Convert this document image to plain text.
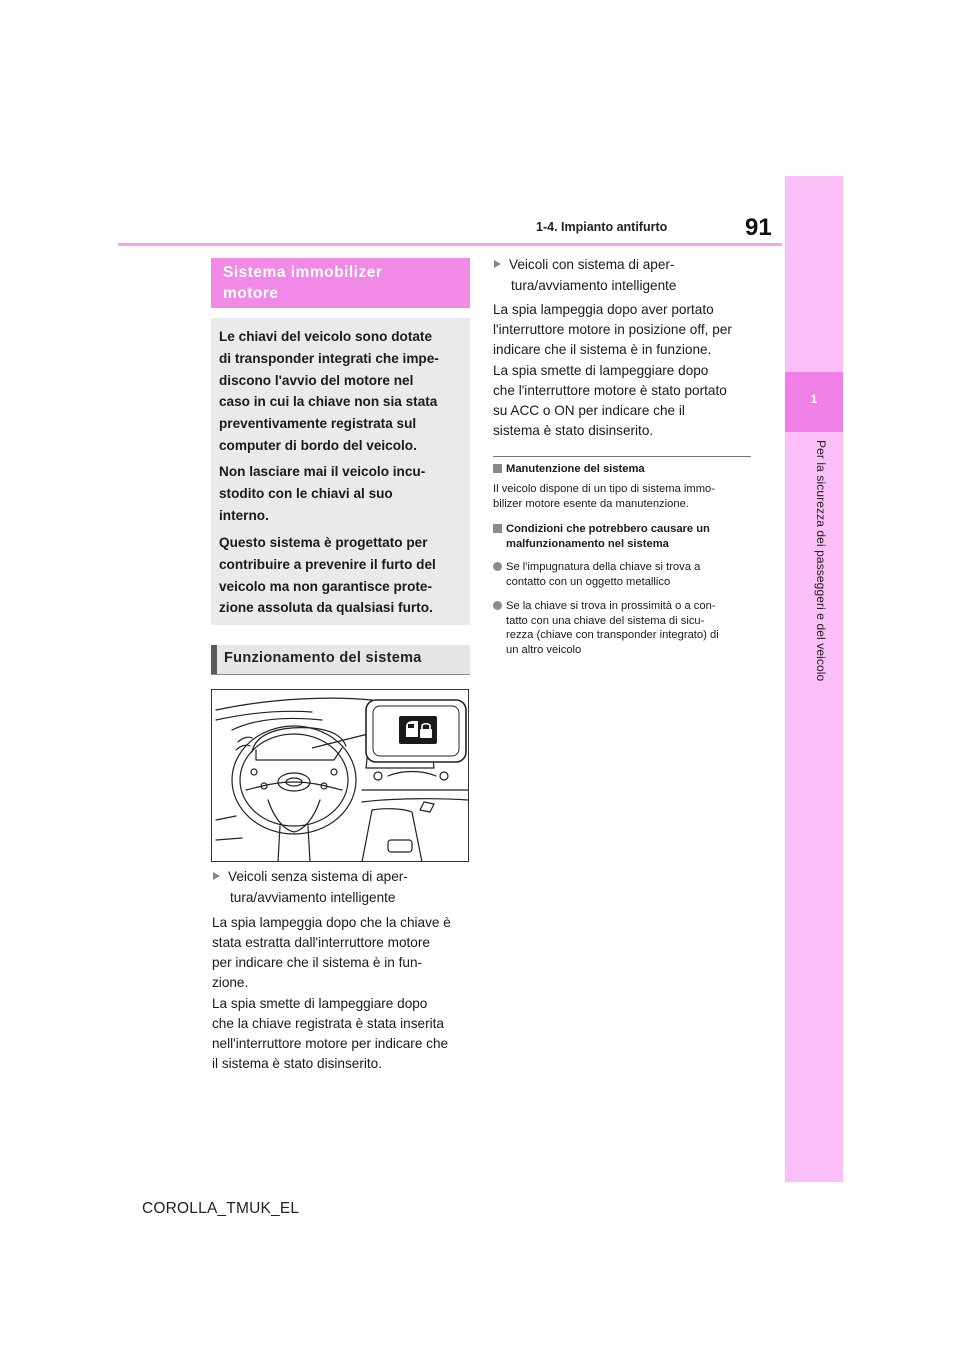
1-4. Impianto antifurto	91
1
Per la sicurezza dei passeggeri e del veicolo
Sistema immobilizer
motore

Le chiavi del veicolo sono dotate
di transponder integrati che impe-
discono l'avvio del motore nel
caso in cui la chiave non sia stata
preventivamente registrata sul
computer di bordo del veicolo.

Non lasciare mai il veicolo incu-
stodito con le chiavi al suo
interno.

Questo sistema è progettato per
contribuire a prevenire il furto del
veicolo ma non garantisce prote-
zione assoluta da qualsiasi furto.

Funzionamento del sistema
Veicoli senza sistema di aper-
tura/avviamento intelligente
La spia lampeggia dopo che la chiave è
stata estratta dall'interruttore motore
per indicare che il sistema è in fun-
zione.
La spia smette di lampeggiare dopo
che la chiave registrata è stata inserita
nell'interruttore motore per indicare che
il sistema è stato disinserito.
Veicoli con sistema di aper-
tura/avviamento intelligente
La spia lampeggia dopo aver portato
l'interruttore motore in posizione off, per
indicare che il sistema è in funzione.
La spia smette di lampeggiare dopo
che l'interruttore motore è stato portato
su ACC o ON per indicare che il
sistema è stato disinserito.
Manutenzione del sistema
Il veicolo dispone di un tipo di sistema immo-
bilizer motore esente da manutenzione.
Condizioni che potrebbero causare un
malfunzionamento nel sistema
Se l'impugnatura della chiave si trova a
contatto con un oggetto metallico
Se la chiave si trova in prossimità o a con-
tatto con una chiave del sistema di sicu-
rezza (chiave con transponder integrato) di
un altro veicolo
COROLLA_TMUK_EL
